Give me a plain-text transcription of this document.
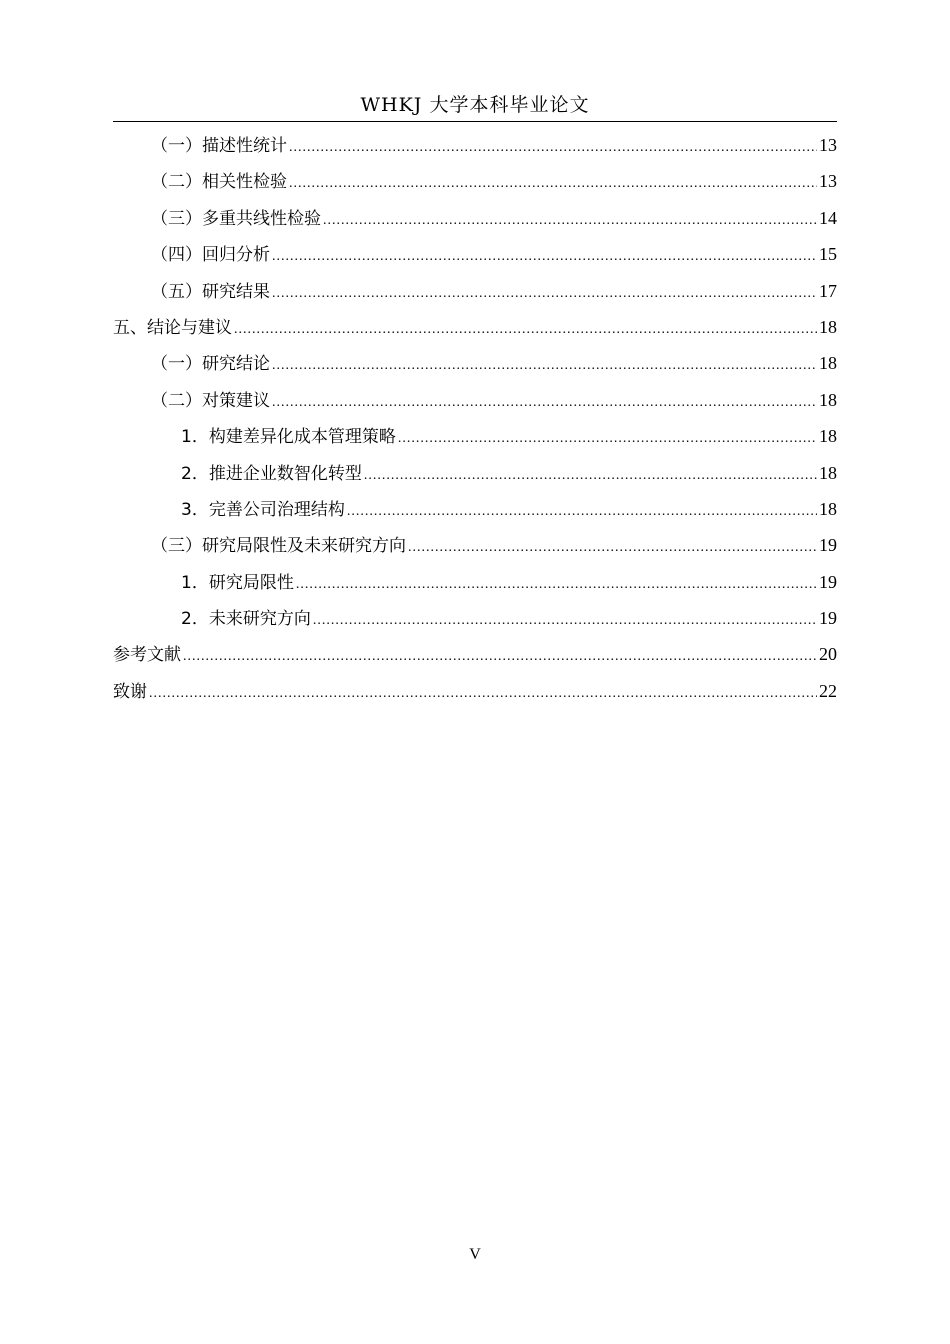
WHKJ 大学本科毕业论文
（一）描述性统计 .....	13
（二）相关性检验 .....	13
（三）多重共线性检验 .....	14
（四）回归分析 .....	15
（五）研究结果 .....	17
五、结论与建议 .....	18
（一）研究结论 .....	18
（二）对策建议 .....	18
1．构建差异化成本管理策略 .....	18
2．推进企业数智化转型 .....	18
3．完善公司治理结构 .....	18
（三）研究局限性及未来研究方向 .....	19
1．研究局限性 .....	19
2．未来研究方向 .....	19
参考文献 .....	20
致谢 .....	22
V
